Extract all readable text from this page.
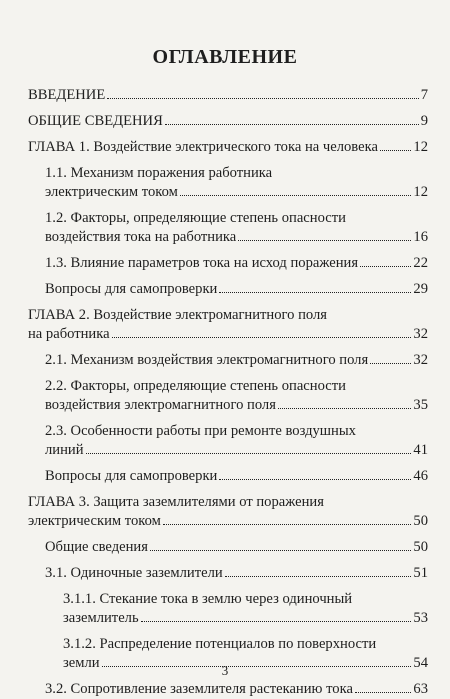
ОГЛАВЛЕНИЕ
ВВЕДЕНИЕ	7
ОБЩИЕ СВЕДЕНИЯ	9
ГЛАВА 1. Воздействие электрического тока на человека 12
1.1. Механизм поражения работника
электрическим током	12
1.2. Факторы, определяющие степень опасности
воздействия тока на работника	16
1.3. Влияние параметров тока на исход поражения	22
Вопросы для самопроверки	29
ГЛАВА 2. Воздействие электромагнитного поля
на работника	32
2.1. Механизм воздействия электромагнитного поля	32
2.2. Факторы, определяющие степень опасности
воздействия электромагнитного поля	35
2.3. Особенности работы при ремонте воздушных
линий	41
Вопросы для самопроверки	46
ГЛАВА 3. Защита заземлителями от поражения
электрическим током	50
Общие сведения	50
3.1. Одиночные заземлители	51
3.1.1. Стекание тока в землю через одиночный
заземлитель	53
3.1.2. Распределение потенциалов по поверхности
земли	54
3.2. Сопротивление заземлителя растеканию тока	63
3
